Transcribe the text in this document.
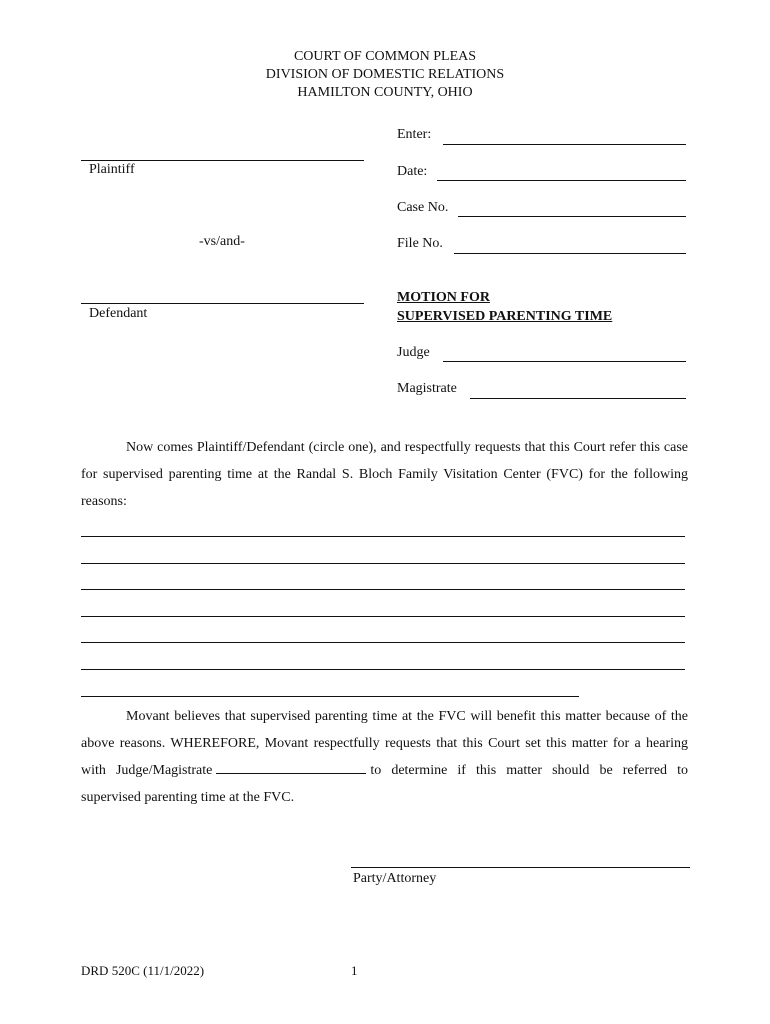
COURT OF COMMON PLEAS
DIVISION OF DOMESTIC RELATIONS
HAMILTON COUNTY, OHIO
Plaintiff
-vs/and-
Defendant
Enter:
Date:
Case No.
File No.
MOTION FOR
SUPERVISED PARENTING TIME
Judge
Magistrate

Now comes Plaintiff/Defendant (circle one), and respectfully requests that this Court refer this case for supervised parenting time at the Randal S. Bloch Family Visitation Center (FVC) for the following reasons:

Movant believes that supervised parenting time at the FVC will benefit this matter because of the above reasons. WHEREFORE, Movant respectfully requests that this Court set this matter for a hearing with Judge/Magistrate	to determine if this matter should be referred to supervised parenting time at the FVC.

Party/Attorney
DRD 520C (11/1/2022)	1
